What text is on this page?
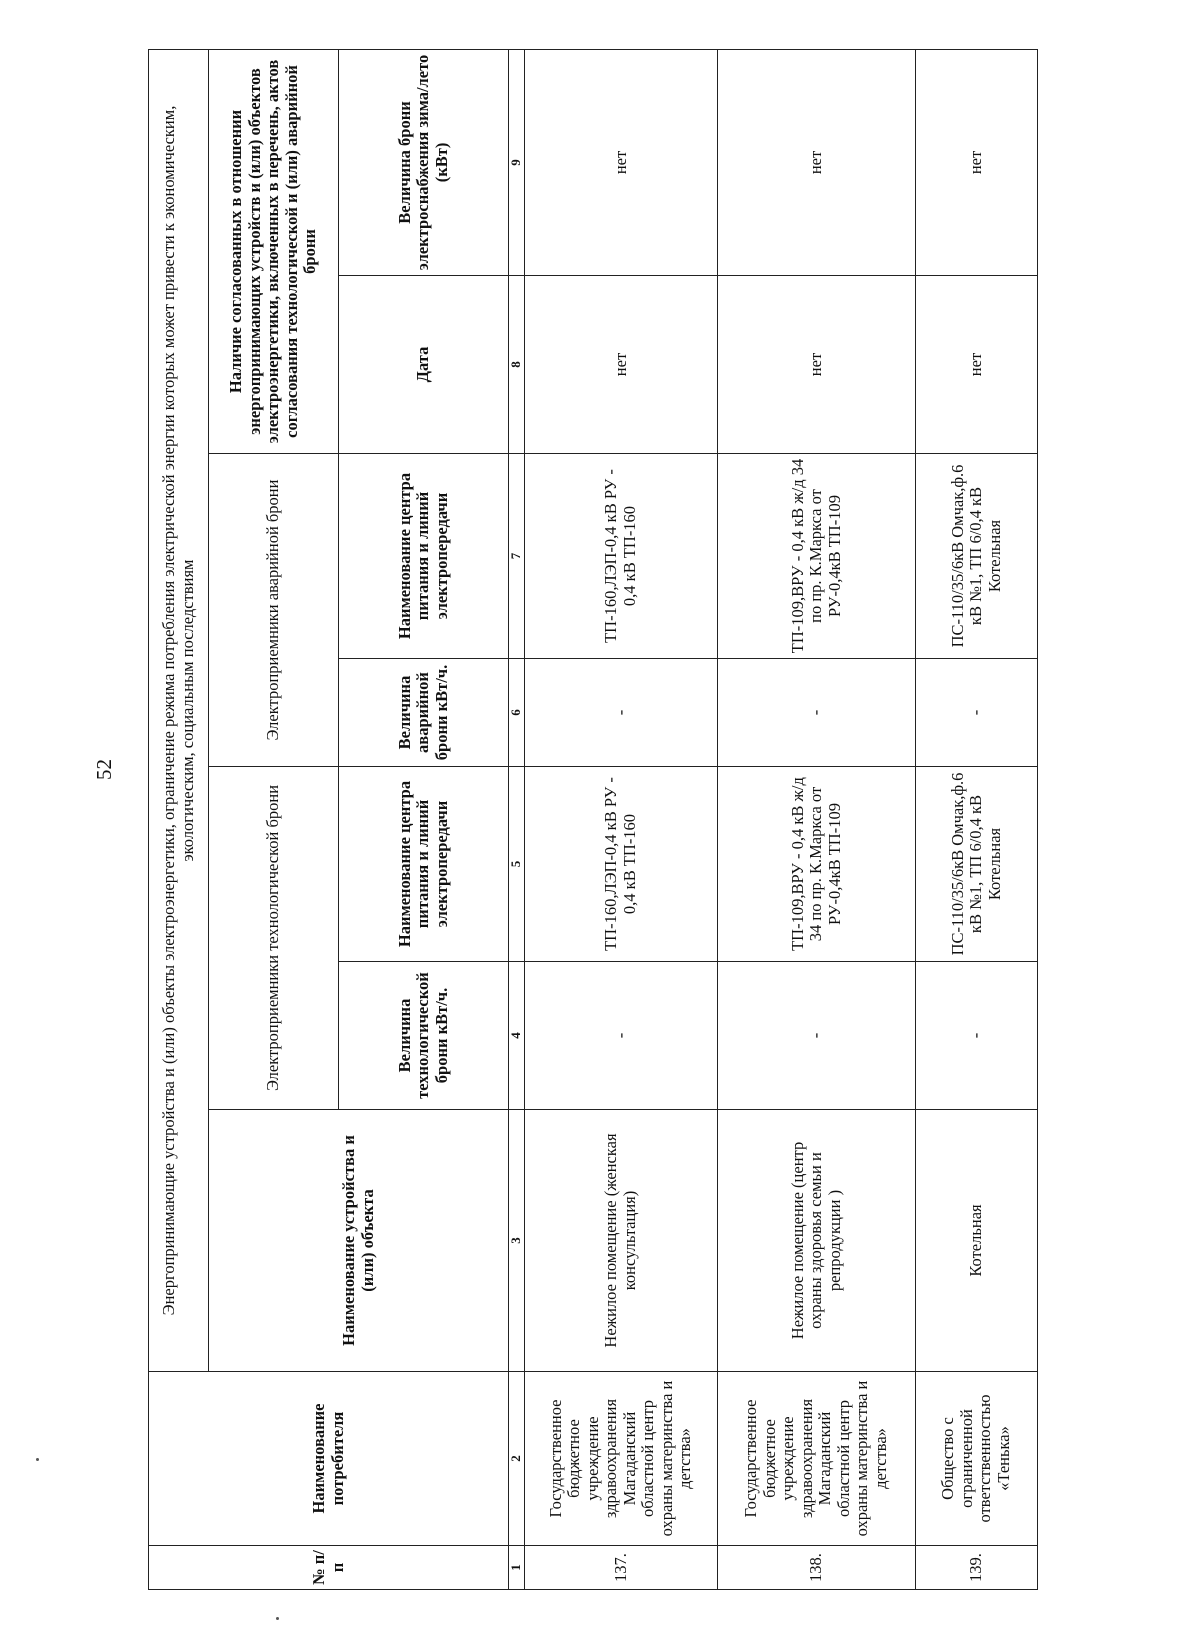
52
№ п/п	Наименование потребителя	Энергопринимающие устройства и (или) объекты электроэнергетики, ограничение режима потребления электрической энергии которых может привести к экономическим, экологическим, социальным последствиям						
		Наименование устройства и (или) объекта	Электроприемники технологической брони		Электроприемники аварийной брони		Наличие согласованных в отношении энергопринимающих устройств и (или) объектов электроэнергетики, включенных в перечень, актов согласования технологической и (или) аварийной брони	
			Величина технологической брони кВт/ч.	Наименование центра питания и линий электропередачи	Величина аварийной брони кВт/ч.	Наименование центра питания и линий электропередачи	Дата	Величина брони электроснабжения зима/лето (кВт)
1	2	3	4	5	6	7	8	9
137.	Государственное бюджетное учреждение здравоохранения Магаданский областной центр охраны материнства и детства»	Нежилое помещение (женская консультация)	-	ТП-160,ЛЭП-0,4 кВ РУ - 0,4 кВ ТП-160	-	ТП-160,ЛЭП-0,4 кВ РУ - 0,4 кВ ТП-160	нет	нет
138.	Государственное бюджетное учреждение здравоохранения Магаданский областной центр охраны материнства и детства»	Нежилое помещение (центр охраны здоровья семьи и репродукции )	-	ТП-109,ВРУ - 0,4 кВ ж/д 34 по пр. К.Маркса от РУ-0,4кВ ТП-109	-	ТП-109,ВРУ - 0,4 кВ ж/д 34 по пр. К.Маркса от РУ-0,4кВ ТП-109	нет	нет
139.	Общество с ограниченной ответственностью «Тенька»	Котельная	-	ПС-110/35/6кВ Омчак,ф.6 кВ №1, ТП 6/0,4 кВ Котельная	-	ПС-110/35/6кВ Омчак,ф.6 кВ №1, ТП 6/0,4 кВ Котельная	нет	нет
